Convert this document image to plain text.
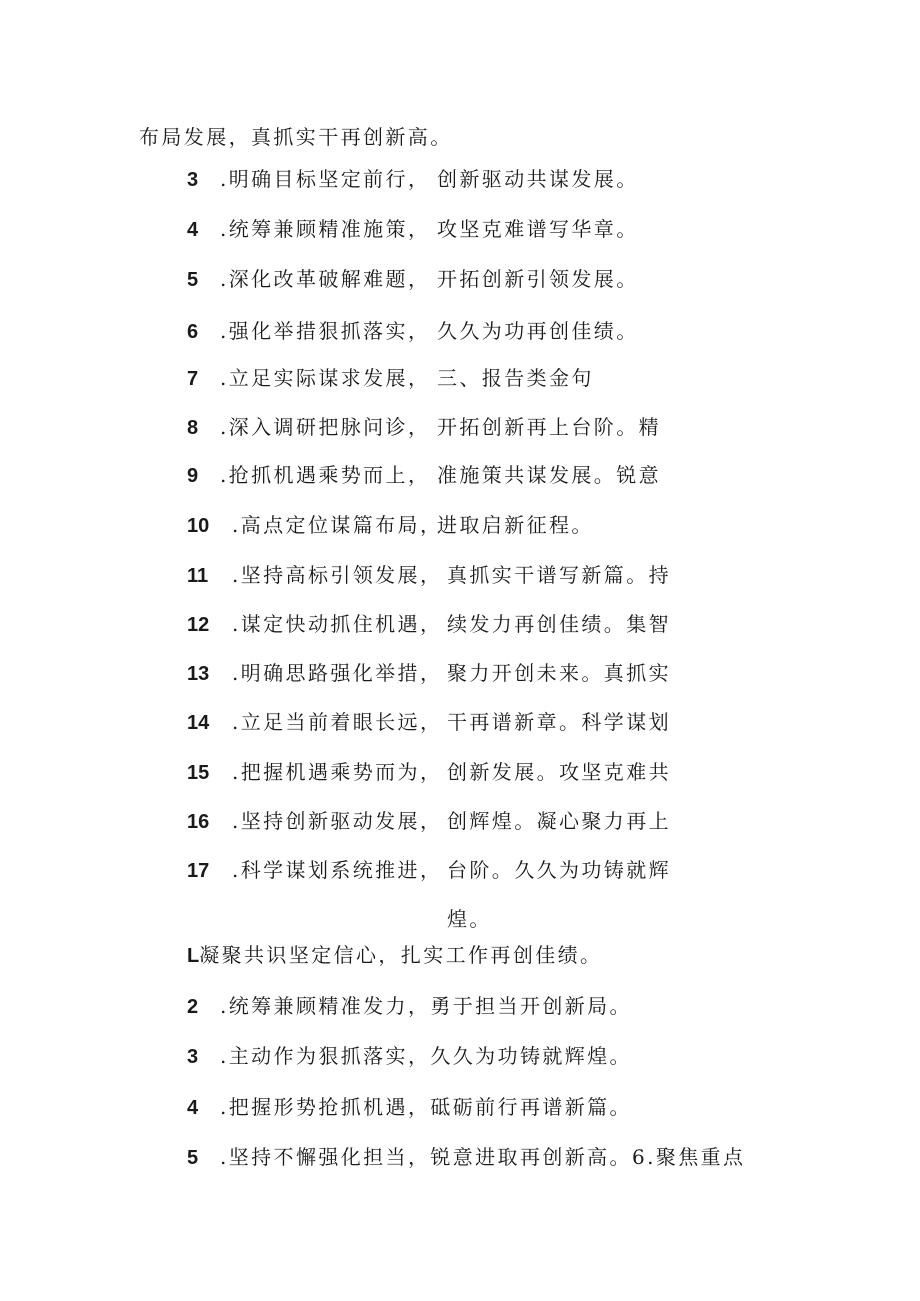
布局发展，真抓实干再创新高。
3 .明确目标坚定前行，
4 .统筹兼顾精准施策，
5 .深化改革破解难题，
6 .强化举措狠抓落实，
7 .立足实际谋求发展，
8 .深入调研把脉问诊，
9 .抢抓机遇乘势而上，
10 .高点定位谋篇布局，
11 .坚持高标引领发展，
12 .谋定快动抓住机遇，
13 .明确思路强化举措，
14 .立足当前着眼长远，
15 .把握机遇乘势而为，
16 .坚持创新驱动发展，
17 .科学谋划系统推进，
创新驱动共谋发展。
攻坚克难谱写华章。
开拓创新引领发展。
久久为功再创佳绩。
三、报告类金句
开拓创新再上台阶。精
准施策共谋发展。锐意
进取启新征程。
真抓实干谱写新篇。持
续发力再创佳绩。集智
聚力开创未来。真抓实
干再谱新章。科学谋划
创新发展。攻坚克难共
创辉煌。凝心聚力再上
台阶。久久为功铸就辉
煌。
L凝聚共识坚定信心，扎实工作再创佳绩。
2 .统筹兼顾精准发力，勇于担当开创新局。
3 .主动作为狠抓落实，久久为功铸就辉煌。
4 .把握形势抢抓机遇，砥砺前行再谱新篇。
5 .坚持不懈强化担当，锐意进取再创新高。6.聚焦重点
